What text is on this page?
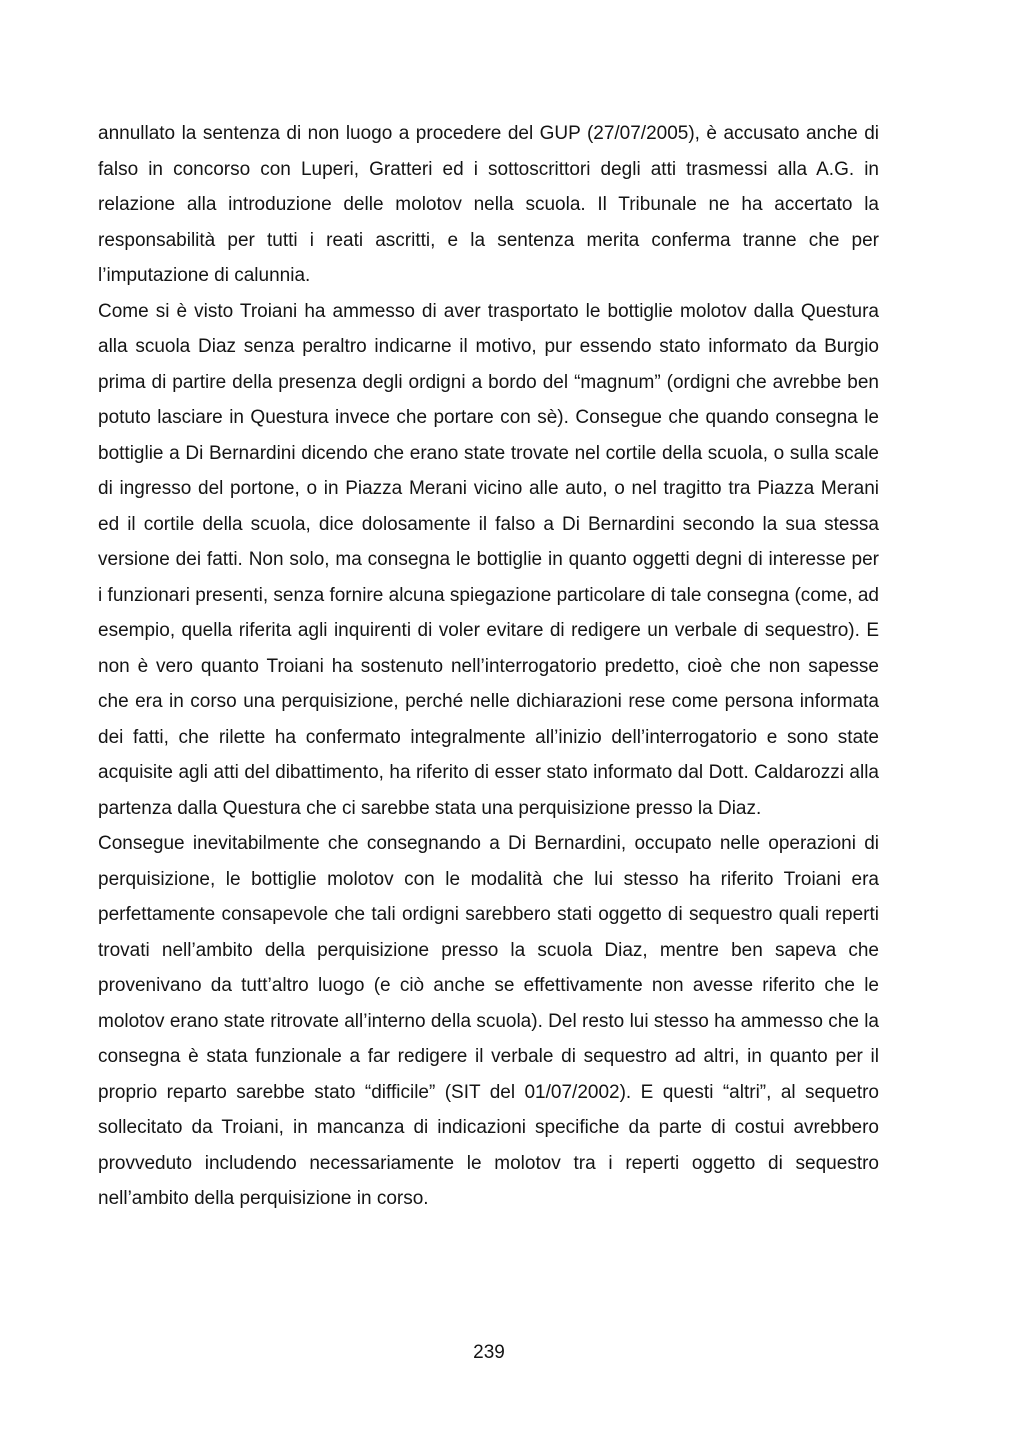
annullato la sentenza di non luogo a procedere del GUP (27/07/2005), è accusato anche di falso in concorso con Luperi, Gratteri ed i sottoscrittori degli atti trasmessi alla A.G. in relazione alla introduzione delle molotov nella scuola. Il Tribunale ne ha accertato la responsabilità per tutti i reati ascritti, e la sentenza merita conferma tranne che per l’imputazione di calunnia.

Come si è visto Troiani ha ammesso di aver trasportato le bottiglie molotov dalla Questura alla scuola Diaz senza peraltro indicarne il motivo, pur essendo stato informato da Burgio prima di partire della presenza degli ordigni a bordo del “magnum” (ordigni che avrebbe ben potuto lasciare in Questura invece che portare con sè). Consegue che quando consegna le bottiglie a Di Bernardini dicendo che erano state trovate nel cortile della scuola, o sulla scale di ingresso del portone, o in Piazza Merani vicino alle auto, o nel tragitto tra Piazza Merani ed il cortile della scuola, dice dolosamente il falso a Di Bernardini secondo la sua stessa versione dei fatti. Non solo, ma consegna le bottiglie in quanto oggetti degni di interesse per i funzionari presenti, senza fornire alcuna spiegazione particolare di tale consegna (come, ad esempio, quella riferita agli inquirenti di voler evitare di redigere un verbale di sequestro). E non è vero quanto Troiani ha sostenuto nell’interrogatorio predetto, cioè che non sapesse che era in corso una perquisizione, perché nelle dichiarazioni rese come persona informata dei fatti, che rilette ha confermato integralmente all’inizio dell’interrogatorio e sono state acquisite agli atti del dibattimento, ha riferito di esser stato informato dal Dott. Caldarozzi alla partenza dalla Questura che ci sarebbe stata una perquisizione presso la Diaz.

Consegue inevitabilmente che consegnando a Di Bernardini, occupato nelle operazioni di perquisizione, le bottiglie molotov con le modalità che lui stesso ha riferito Troiani era perfettamente consapevole che tali ordigni sarebbero stati oggetto di sequestro quali reperti trovati nell’ambito della perquisizione presso la scuola Diaz, mentre ben sapeva che provenivano da tutt’altro luogo (e ciò anche se effettivamente non avesse riferito che le molotov erano state ritrovate all’interno della scuola). Del resto lui stesso ha ammesso che la consegna è stata funzionale a far redigere il verbale di sequestro ad altri, in quanto per il proprio reparto sarebbe stato “difficile” (SIT del 01/07/2002). E questi “altri”, al sequetro sollecitato da Troiani, in mancanza di indicazioni specifiche da parte di costui avrebbero provveduto includendo necessariamente le molotov tra i reperti oggetto di sequestro nell’ambito della perquisizione in corso.

239
